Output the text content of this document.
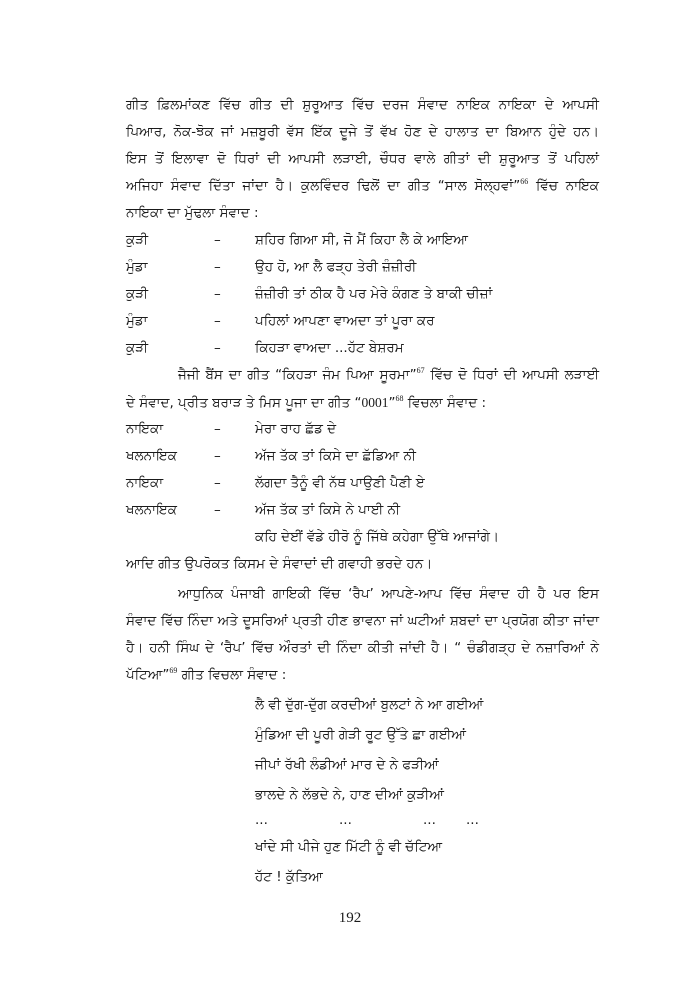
ਗੀਤ ਫ਼ਿਲਮਾਂਕਣ ਵਿੱਚ ਗੀਤ ਦੀ ਸ਼ੁਰੂਆਤ ਵਿੱਚ ਦਰਜ ਸੰਵਾਦ ਨਾਇਕ ਨਾਇਕਾ ਦੇ ਆਪਸੀ
ਪਿਆਰ, ਨੋਕ-ਝੋਕ ਜਾਂ ਮਜ਼ਬੂਰੀ ਵੱਸ ਇੱਕ ਦੂਜੇ ਤੋਂ ਵੱਖ ਹੋਣ ਦੇ ਹਾਲਾਤ ਦਾ ਬਿਆਨ ਹੁੰਦੇ ਹਨ।
ਇਸ ਤੋਂ ਇਲਾਵਾ ਦੋ ਧਿਰਾਂ ਦੀ ਆਪਸੀ ਲੜਾਈ, ਚੌਧਰ ਵਾਲੇ ਗੀਤਾਂ ਦੀ ਸ਼ੁਰੂਆਤ ਤੋਂ ਪਹਿਲਾਂ
ਅਜਿਹਾ ਸੰਵਾਦ ਦਿੱਤਾ ਜਾਂਦਾ ਹੈ। ਕੁਲਵਿੰਦਰ ਢਿਲੋਂ ਦਾ ਗੀਤ “ਸਾਲ ਸੋਲ੍ਹਵਾਂ”$^{66}$ ਵਿੱਚ ਨਾਇਕ
ਨਾਇਕਾ ਦਾ ਮੁੱਢਲਾ ਸੰਵਾਦ :
ਕੁੜੀ	–	ਸ਼ਹਿਰ ਗਿਆ ਸੀ, ਜੋ ਮੈਂ ਕਿਹਾ ਲੈ ਕੇ ਆਇਆ
ਮੁੰਡਾ	–	ਉਹ ਹੋ, ਆ ਲੈ ਫੜ੍ਹ ਤੇਰੀ ਜ਼ੰਜ਼ੀਰੀ
ਕੁੜੀ	–	ਜ਼ੰਜ਼ੀਰੀ ਤਾਂ ਠੀਕ ਹੈ ਪਰ ਮੇਰੇ ਕੰਗਣ ਤੇ ਬਾਕੀ ਚੀਜ਼ਾਂ
ਮੁੰਡਾ	–	ਪਹਿਲਾਂ ਆਪਣਾ ਵਾਅਦਾ ਤਾਂ ਪੂਰਾ ਕਰ
ਕੁੜੀ	–	ਕਿਹੜਾ ਵਾਅਦਾ ...ਹੱਟ ਬੇਸ਼ਰਮ
ਜੈਜੀ ਬੈਂਸ ਦਾ ਗੀਤ “ਕਿਹੜਾ ਜੰਮ ਪਿਆ ਸੂਰਮਾ”$^{67}$ ਵਿੱਚ ਦੋ ਧਿਰਾਂ ਦੀ ਆਪਸੀ ਲੜਾਈ
ਦੇ ਸੰਵਾਦ, ਪ੍ਰੀਤ ਬਰਾੜ ਤੇ ਮਿਸ ਪੂਜਾ ਦਾ ਗੀਤ “0001”$^{68}$ ਵਿਚਲਾ ਸੰਵਾਦ :
ਨਾਇਕਾ	–	ਮੇਰਾ ਰਾਹ ਛੱਡ ਦੇ
ਖਲਨਾਇਕ	–	ਅੱਜ ਤੱਕ ਤਾਂ ਕਿਸੇ ਦਾ ਛੱਡਿਆ ਨੀ
ਨਾਇਕਾ	–	ਲੱਗਦਾ ਤੈਨੂੰ ਵੀ ਨੱਥ ਪਾਉਣੀ ਪੈਣੀ ਏ
ਖਲਨਾਇਕ	–	ਅੱਜ ਤੱਕ ਤਾਂ ਕਿਸੇ ਨੇ ਪਾਈ ਨੀ
ਕਹਿ ਦੇਈਂ ਵੱਡੇ ਹੀਰੋ ਨੂੰ ਜਿੱਥੇ ਕਹੇਗਾ ਉੱਥੇ ਆਜਾਂਗੇ।
ਆਦਿ ਗੀਤ ਉਪਰੋਕਤ ਕਿਸਮ ਦੇ ਸੰਵਾਦਾਂ ਦੀ ਗਵਾਹੀ ਭਰਦੇ ਹਨ।
ਆਧੁਨਿਕ ਪੰਜਾਬੀ ਗਾਇਕੀ ਵਿੱਚ ‘ਰੈਪ’ ਆਪਣੇ-ਆਪ ਵਿੱਚ ਸੰਵਾਦ ਹੀ ਹੈ ਪਰ ਇਸ
ਸੰਵਾਦ ਵਿੱਚ ਨਿੰਦਾ ਅਤੇ ਦੂਸਰਿਆਂ ਪ੍ਰਤੀ ਹੀਣ ਭਾਵਨਾ ਜਾਂ ਘਟੀਆਂ ਸ਼ਬਦਾਂ ਦਾ ਪ੍ਰਯੋਗ ਕੀਤਾ ਜਾਂਦਾ
ਹੈ। ਹਨੀ ਸਿੰਘ ਦੇ ‘ਰੈਪ’ ਵਿੱਚ ਔਰਤਾਂ ਦੀ ਨਿੰਦਾ ਕੀਤੀ ਜਾਂਦੀ ਹੈ। “ ਚੰਡੀਗੜ੍ਹ ਦੇ ਨਜ਼ਾਰਿਆਂ ਨੇ
ਪੱਟਿਆ”$^{69}$ ਗੀਤ ਵਿਚਲਾ ਸੰਵਾਦ :
ਲੈ ਵੀ ਦੁੱਗ-ਦੁੱਗ ਕਰਦੀਆਂ ਬੁਲਟਾਂ ਨੇ ਆ ਗਈਆਂ
ਮੁੰਡਿਆ ਦੀ ਪੂਰੀ ਗੇੜੀ ਰੂਟ ਉੱਤੇ ਛਾ ਗਈਆਂ
ਜੀਪਾਂ ਰੱਖੀ ਲੰਡੀਆਂ ਮਾਰ ਦੇ ਨੇ ਫੜੀਆਂ
ਭਾਲਦੇ ਨੇ ਲੱਭਦੇ ਨੇ, ਹਾਣ ਦੀਆਂ ਕੁੜੀਆਂ
...	...	... ...
ਖਾਂਦੇ ਸੀ ਪੀਜੇ ਹੁਣ ਮਿੱਟੀ ਨੂੰ ਵੀ ਚੱਟਿਆ
ਹੱਟ ! ਕੁੱਤਿਆ
192
